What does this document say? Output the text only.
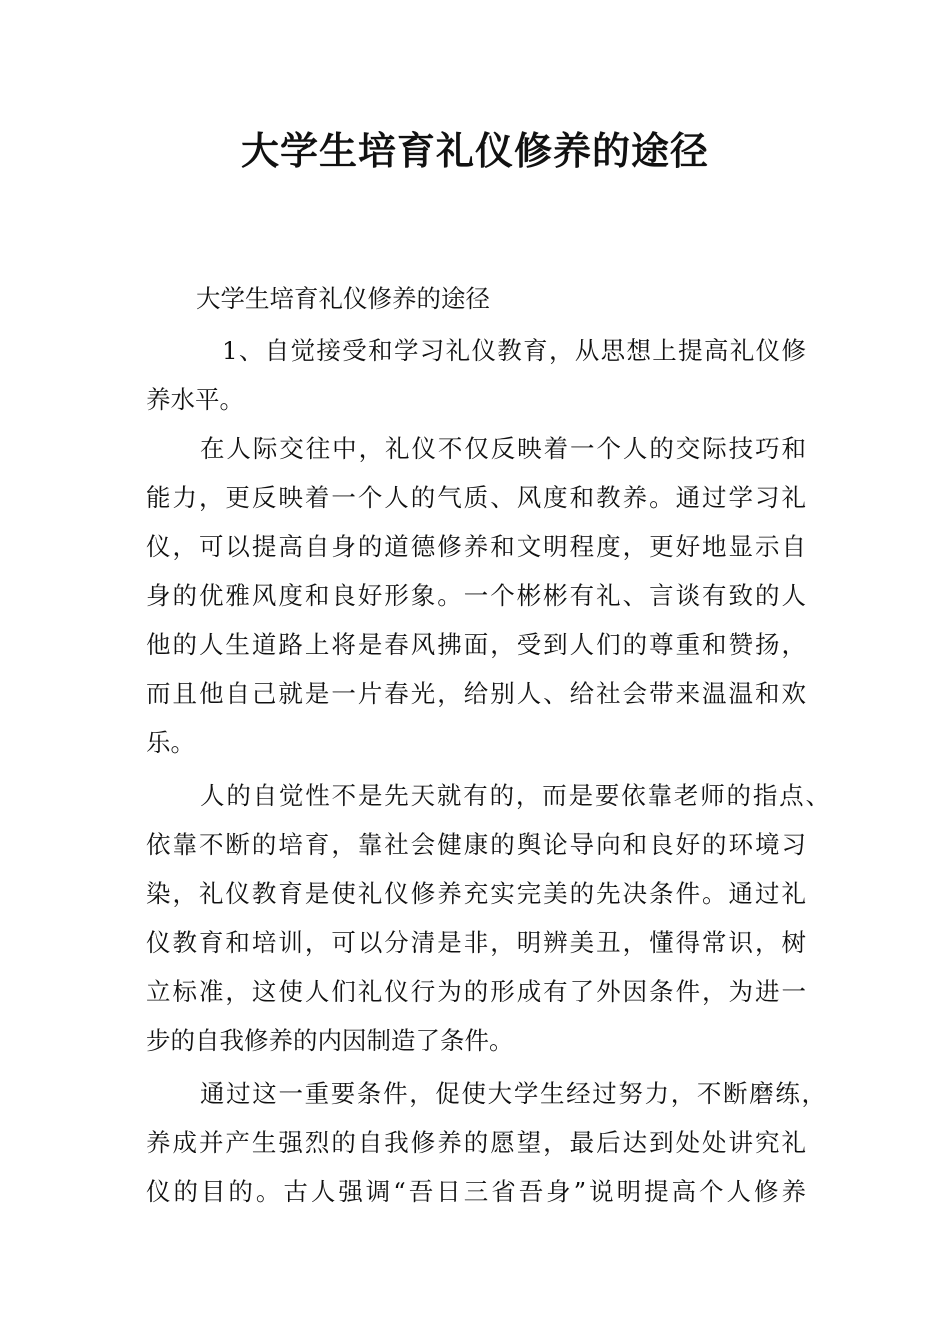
大学生培育礼仪修养的途径

大学生培育礼仪修养的途径

1、自觉接受和学习礼仪教育，从思想上提高礼仪修

养水平。

在人际交往中，礼仪不仅反映着一个人的交际技巧和

能力，更反映着一个人的气质、风度和教养。通过学习礼

仪，可以提高自身的道德修养和文明程度，更好地显示自

身的优雅风度和良好形象。一个彬彬有礼、言谈有致的人

他的人生道路上将是春风拂面，受到人们的尊重和赞扬，

而且他自己就是一片春光，给别人、给社会带来温温和欢

乐。

人的自觉性不是先天就有的，而是要依靠老师的指点、

依靠不断的培育，靠社会健康的舆论导向和良好的环境习

染，礼仪教育是使礼仪修养充实完美的先决条件。通过礼

仪教育和培训，可以分清是非，明辨美丑，懂得常识，树

立标准，这使人们礼仪行为的形成有了外因条件，为进一

步的自我修养的内因制造了条件。

通过这一重要条件，促使大学生经过努力，不断磨练，

养成并产生强烈的自我修养的愿望，最后达到处处讲究礼

仪的目的。古人强调“吾日三省吾身”说明提高个人修养
